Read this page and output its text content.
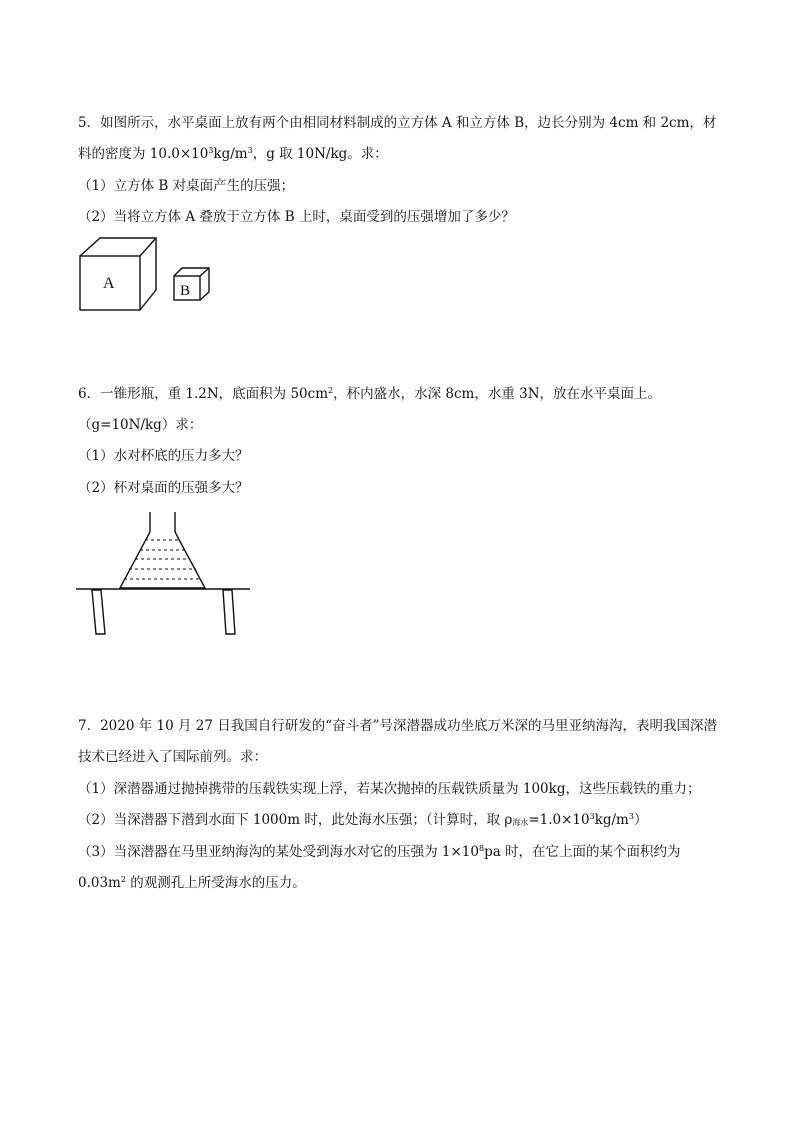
5．如图所示，水平桌面上放有两个由相同材料制成的立方体 A 和立方体 B，边长分别为 4cm 和 2cm，材
料的密度为 $10.0\times 10^3kg/m^3$，g 取 10N/kg。求：
（1）立方体 B 对桌面产生的压强；
（2）当将立方体 A 叠放于立方体 B 上时，桌面受到的压强增加了多少？
A	B
6．一锥形瓶，重 1.2N，底面积为 $50cm^2$，杯内盛水，水深 8cm，水重 3N，放在水平桌面上。
（g=10N/kg）求：
（1）水对杯底的压力多大？
（2）杯对桌面的压强多大？
7．2020 年 10 月 27 日我国自行研发的“奋斗者”号深潜器成功坐底万米深的马里亚纳海沟，表明我国深潜
技术已经进入了国际前列。求：
（1）深潜器通过抛掉携带的压载铁实现上浮，若某次抛掉的压载铁质量为 100kg，这些压载铁的重力；
（2）当深潜器下潜到水面下 1000m 时，此处海水压强；（计算时，取 ρ海水$=1.0\times 10^3kg/m^3$）
（3）当深潜器在马里亚纳海沟的某处受到海水对它的压强为 $1\times 10^8pa$ 时，在它上面的某个面积约为
$0.03m^2$ 的观测孔上所受海水的压力。
